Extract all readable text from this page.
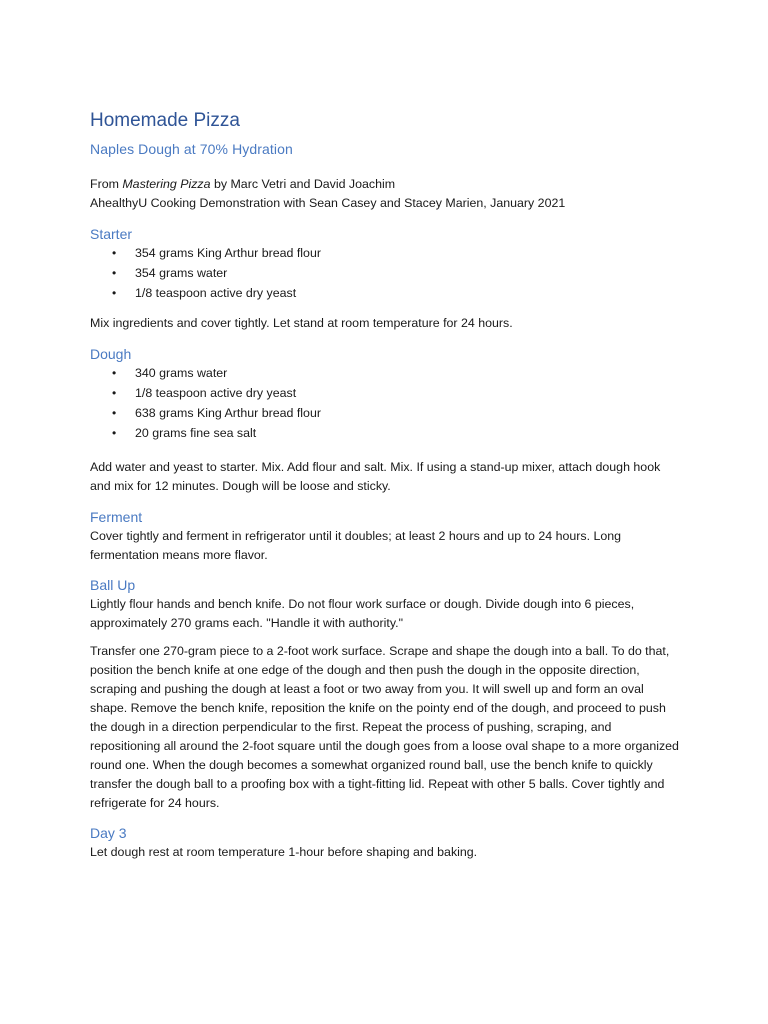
Homemade Pizza

Naples Dough at 70% Hydration

From Mastering Pizza by Marc Vetri and David Joachim

AhealthyU Cooking Demonstration with Sean Casey and Stacey Marien, January 2021

Starter
• 354 grams King Arthur bread flour
• 354 grams water
• 1/8 teaspoon active dry yeast

Mix ingredients and cover tightly. Let stand at room temperature for 24 hours.

Dough
• 340 grams water
• 1/8 teaspoon active dry yeast
• 638 grams King Arthur bread flour
• 20 grams fine sea salt

Add water and yeast to starter. Mix. Add flour and salt. Mix. If using a stand-up mixer, attach dough hook and mix for 12 minutes. Dough will be loose and sticky.

Ferment

Cover tightly and ferment in refrigerator until it doubles; at least 2 hours and up to 24 hours. Long fermentation means more flavor.

Ball Up

Lightly flour hands and bench knife. Do not flour work surface or dough. Divide dough into 6 pieces, approximately 270 grams each. "Handle it with authority."

Transfer one 270-gram piece to a 2-foot work surface. Scrape and shape the dough into a ball. To do that, position the bench knife at one edge of the dough and then push the dough in the opposite direction, scraping and pushing the dough at least a foot or two away from you. It will swell up and form an oval shape. Remove the bench knife, reposition the knife on the pointy end of the dough, and proceed to push the dough in a direction perpendicular to the first. Repeat the process of pushing, scraping, and repositioning all around the 2-foot square until the dough goes from a loose oval shape to a more organized round one. When the dough becomes a somewhat organized round ball, use the bench knife to quickly transfer the dough ball to a proofing box with a tight-fitting lid. Repeat with other 5 balls. Cover tightly and refrigerate for 24 hours.

Day 3

Let dough rest at room temperature 1-hour before shaping and baking.
